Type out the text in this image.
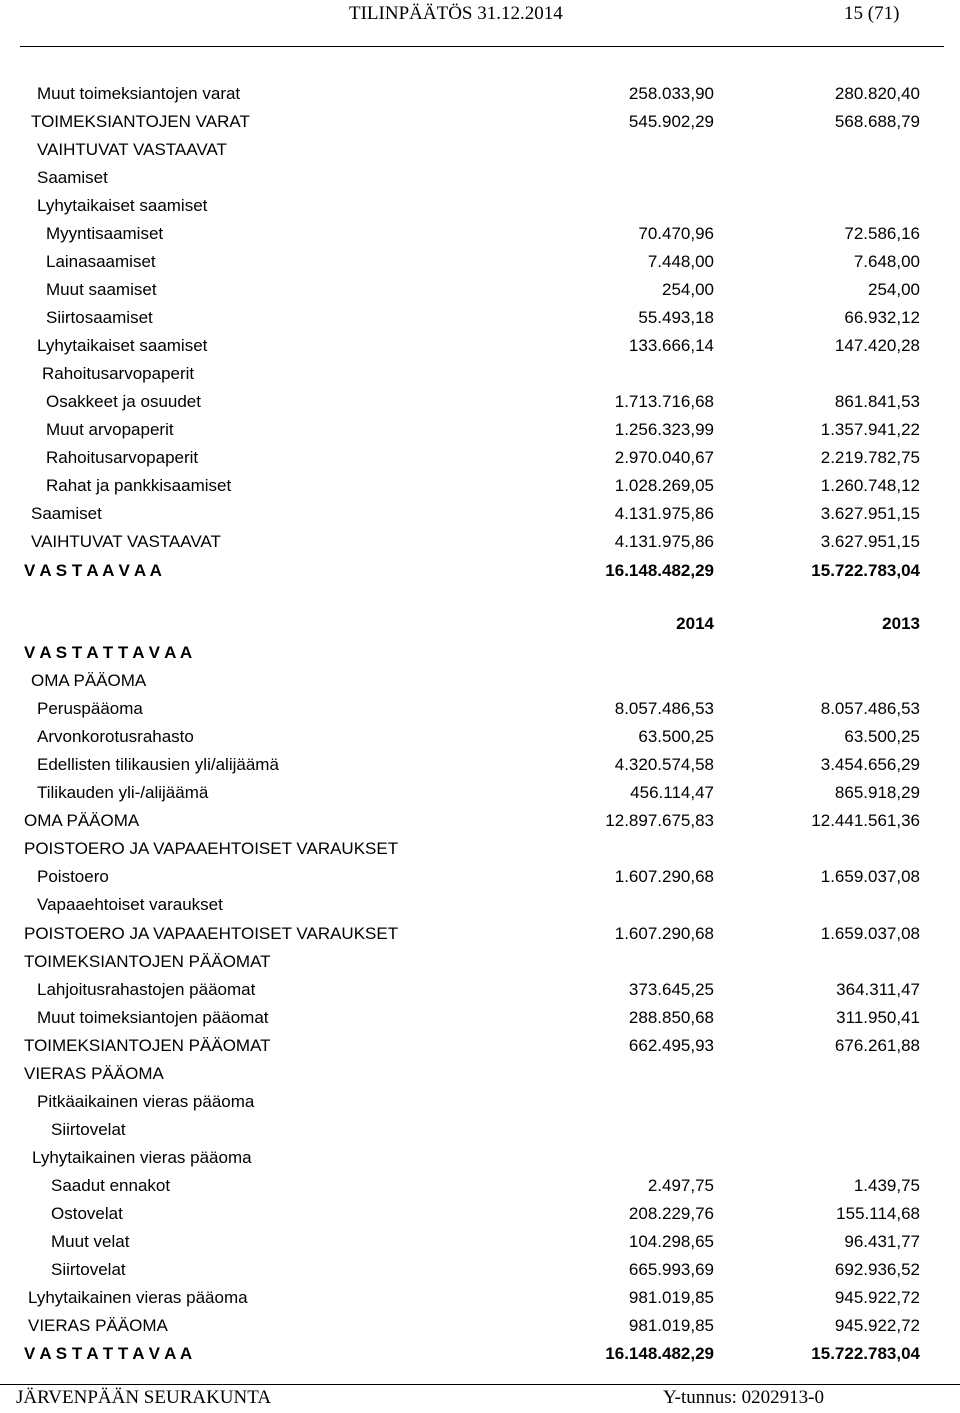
TILINPÄÄTÖS 31.12.2014	15 (71)
Muut toimeksiantojen varat	258.033,90	280.820,40
TOIMEKSIANTOJEN VARAT	545.902,29	568.688,79
VAIHTUVAT VASTAAVAT
Saamiset
Lyhytaikaiset saamiset
Myyntisaamiset	70.470,96	72.586,16
Lainasaamiset	7.448,00	7.648,00
Muut saamiset	254,00	254,00
Siirtosaamiset	55.493,18	66.932,12
Lyhytaikaiset saamiset	133.666,14	147.420,28
Rahoitusarvopaperit
Osakkeet ja osuudet	1.713.716,68	861.841,53
Muut arvopaperit	1.256.323,99	1.357.941,22
Rahoitusarvopaperit	2.970.040,67	2.219.782,75
Rahat ja pankkisaamiset	1.028.269,05	1.260.748,12
Saamiset	4.131.975,86	3.627.951,15
VAIHTUVAT VASTAAVAT	4.131.975,86	3.627.951,15
V A S T A A V A A	16.148.482,29	15.722.783,04
2014	2013
V A S T A T T A V A A
OMA PÄÄOMA
Peruspääoma	8.057.486,53	8.057.486,53
Arvonkorotusrahasto	63.500,25	63.500,25
Edellisten tilikausien yli/alijäämä	4.320.574,58	3.454.656,29
Tilikauden yli-/alijäämä	456.114,47	865.918,29
OMA PÄÄOMA	12.897.675,83	12.441.561,36
POISTOERO JA VAPAAEHTOISET VARAUKSET
Poistoero	1.607.290,68	1.659.037,08
Vapaaehtoiset varaukset
POISTOERO JA VAPAAEHTOISET VARAUKSET	1.607.290,68	1.659.037,08
TOIMEKSIANTOJEN PÄÄOMAT
Lahjoitusrahastojen pääomat	373.645,25	364.311,47
Muut toimeksiantojen pääomat	288.850,68	311.950,41
TOIMEKSIANTOJEN PÄÄOMAT	662.495,93	676.261,88
VIERAS PÄÄOMA
Pitkäaikainen vieras pääoma
Siirtovelat
Lyhytaikainen vieras pääoma
Saadut ennakot	2.497,75	1.439,75
Ostovelat	208.229,76	155.114,68
Muut velat	104.298,65	96.431,77
Siirtovelat	665.993,69	692.936,52
Lyhytaikainen vieras pääoma	981.019,85	945.922,72
VIERAS PÄÄOMA	981.019,85	945.922,72
V A S T A T T A V A A	16.148.482,29	15.722.783,04
JÄRVENPÄÄN SEURAKUNTA	Y-tunnus: 0202913-0
